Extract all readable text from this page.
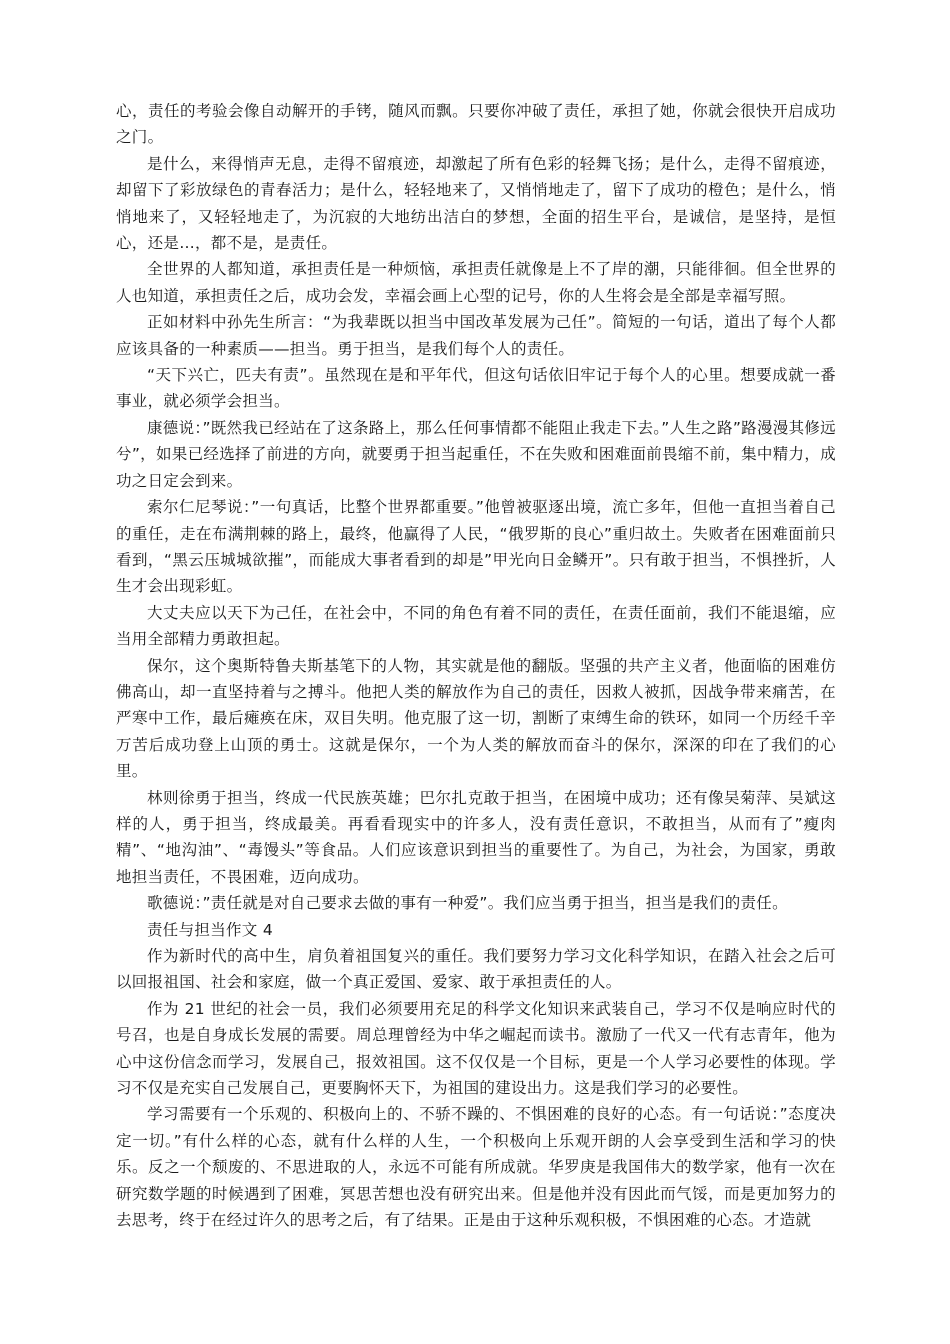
心，责任的考验会像自动解开的手铐，随风而飘。只要你冲破了责任，承担了她，你就会很快开启成功之门。

是什么，来得悄声无息，走得不留痕迹，却激起了所有色彩的轻舞飞扬；是什么，走得不留痕迹，却留下了彩放绿色的青春活力；是什么，轻轻地来了，又悄悄地走了，留下了成功的橙色；是什么，悄悄地来了，又轻轻地走了，为沉寂的大地纺出洁白的梦想，全面的招生平台，是诚信，是坚持，是恒心，还是…，都不是，是责任。

全世界的人都知道，承担责任是一种烦恼，承担责任就像是上不了岸的潮，只能徘徊。但全世界的人也知道，承担责任之后，成功会发，幸福会画上心型的记号，你的人生将会是全部是幸福写照。

正如材料中孙先生所言：“为我辈既以担当中国改革发展为己任”。简短的一句话，道出了每个人都应该具备的一种素质——担当。勇于担当，是我们每个人的责任。

“天下兴亡，匹夫有责”。虽然现在是和平年代，但这句话依旧牢记于每个人的心里。想要成就一番事业，就必须学会担当。

康德说：”既然我已经站在了这条路上，那么任何事情都不能阻止我走下去。”人生之路”路漫漫其修远兮”，如果已经选择了前进的方向，就要勇于担当起重任，不在失败和困难面前畏缩不前，集中精力，成功之日定会到来。

索尔仁尼琴说：”一句真话，比整个世界都重要。”他曾被驱逐出境，流亡多年，但他一直担当着自己的重任，走在布满荆棘的路上，最终，他赢得了人民，“俄罗斯的良心”重归故土。失败者在困难面前只看到，“黑云压城城欲摧”，而能成大事者看到的却是”甲光向日金鳞开”。只有敢于担当，不惧挫折，人生才会出现彩虹。

大丈夫应以天下为己任，在社会中，不同的角色有着不同的责任，在责任面前，我们不能退缩，应当用全部精力勇敢担起。

保尔，这个奥斯特鲁夫斯基笔下的人物，其实就是他的翻版。坚强的共产主义者，他面临的困难仿佛高山，却一直坚持着与之搏斗。他把人类的解放作为自己的责任，因救人被抓，因战争带来痛苦，在严寒中工作，最后瘫痪在床，双目失明。他克服了这一切，割断了束缚生命的铁环，如同一个历经千辛万苦后成功登上山顶的勇士。这就是保尔，一个为人类的解放而奋斗的保尔，深深的印在了我们的心里。

林则徐勇于担当，终成一代民族英雄；巴尔扎克敢于担当，在困境中成功；还有像吴菊萍、吴斌这样的人，勇于担当，终成最美。再看看现实中的许多人，没有责任意识，不敢担当，从而有了”瘦肉精”、“地沟油”、“毒馒头”等食品。人们应该意识到担当的重要性了。为自己，为社会，为国家，勇敢地担当责任，不畏困难，迈向成功。

歌德说：”责任就是对自己要求去做的事有一种爱”。我们应当勇于担当，担当是我们的责任。

责任与担当作文 4

作为新时代的高中生，肩负着祖国复兴的重任。我们要努力学习文化科学知识，在踏入社会之后可以回报祖国、社会和家庭，做一个真正爱国、爱家、敢于承担责任的人。

作为 21 世纪的社会一员，我们必须要用充足的科学文化知识来武装自己，学习不仅是响应时代的号召，也是自身成长发展的需要。周总理曾经为中华之崛起而读书。激励了一代又一代有志青年，他为心中这份信念而学习，发展自己，报效祖国。这不仅仅是一个目标，更是一个人学习必要性的体现。学习不仅是充实自己发展自己，更要胸怀天下，为祖国的建设出力。这是我们学习的必要性。

学习需要有一个乐观的、积极向上的、不骄不躁的、不惧困难的良好的心态。有一句话说：”态度决定一切。”有什么样的心态，就有什么样的人生，一个积极向上乐观开朗的人会享受到生活和学习的快乐。反之一个颓废的、不思进取的人，永远不可能有所成就。华罗庚是我国伟大的数学家，他有一次在研究数学题的时候遇到了困难，冥思苦想也没有研究出来。但是他并没有因此而气馁，而是更加努力的去思考，终于在经过许久的思考之后，有了结果。正是由于这种乐观积极，不惧困难的心态。才造就
